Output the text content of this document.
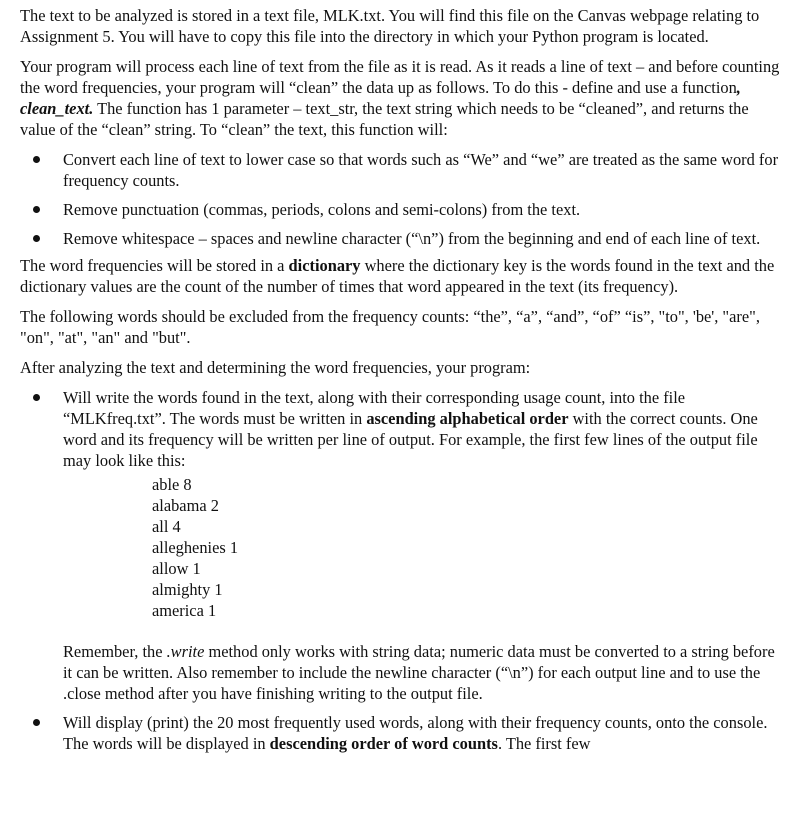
The text to be analyzed is stored in a text file, MLK.txt. You will find this file on the Canvas webpage relating to Assignment 5. You will have to copy this file into the directory in which your Python program is located.

Your program will process each line of text from the file as it is read. As it reads a line of text – and before counting the word frequencies, your program will “clean” the data up as follows. To do this - define and use a function, clean_text. The function has 1 parameter – text_str, the text string which needs to be “cleaned”, and returns the value of the “clean” string. To “clean” the text, this function will:

Convert each line of text to lower case so that words such as “We” and “we” are treated as the same word for frequency counts.
Remove punctuation (commas, periods, colons and semi-colons) from the text.
Remove whitespace – spaces and newline character (“\n”) from the beginning and end of each line of text.

The word frequencies will be stored in a dictionary where the dictionary key is the words found in the text and the dictionary values are the count of the number of times that word appeared in the text (its frequency).

The following words should be excluded from the frequency counts: “the”, “a”, “and”, “of” “is”, "to", 'be', "are", "on", "at", "an" and "but".

After analyzing the text and determining the word frequencies, your program:

Will write the words found in the text, along with their corresponding usage count, into the file “MLKfreq.txt”. The words must be written in ascending alphabetical order with the correct counts. One word and its frequency will be written per line of output. For example, the first few lines of the output file may look like this:
able 8
alabama 2
all 4
alleghenies 1
allow 1
almighty 1
america 1

Remember, the .write method only works with string data; numeric data must be converted to a string before it can be written. Also remember to include the newline character (“\n”) for each output line and to use the .close method after you have finishing writing to the output file.

Will display (print) the 20 most frequently used words, along with their frequency counts, onto the console. The words will be displayed in descending order of word counts. The first few
